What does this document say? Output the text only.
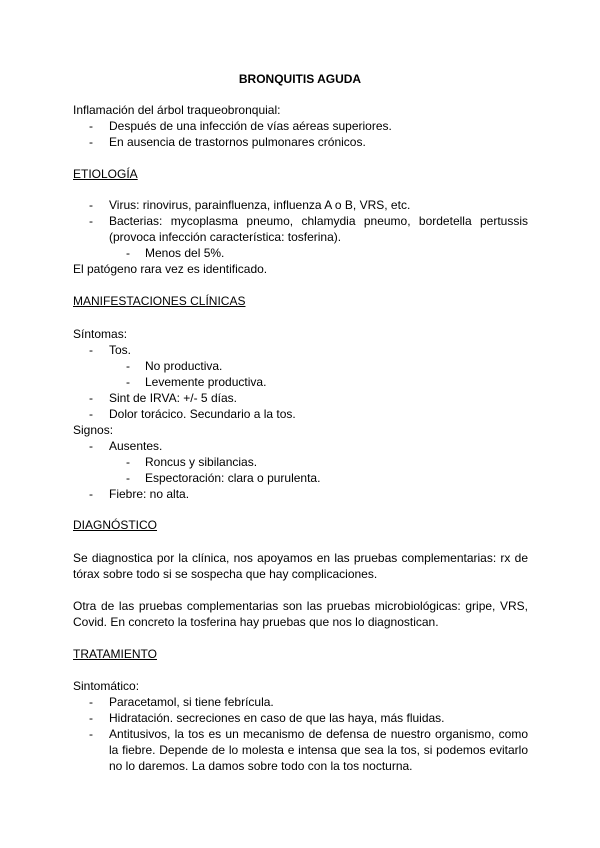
BRONQUITIS AGUDA
Inflamación del árbol traqueobronquial:
- Después de una infección de vías aéreas superiores.
- En ausencia de trastornos pulmonares crónicos.
ETIOLOGÍA
- Virus: rinovirus, parainfluenza, influenza A o B, VRS, etc.
- Bacterias: mycoplasma pneumo, chlamydia pneumo, bordetella pertussis
(provoca infección característica: tosferina).
- Menos del 5%.
El patógeno rara vez es identificado.
MANIFESTACIONES CLÍNICAS
Síntomas:
- Tos.
- No productiva.
- Levemente productiva.
- Sint de IRVA: +/- 5 días.
- Dolor torácico. Secundario a la tos.
Signos:
- Ausentes.
- Roncus y sibilancias.
- Espectoración: clara o purulenta.
- Fiebre: no alta.
DIAGNÓSTICO
Se diagnostica por la clínica, nos apoyamos en las pruebas complementarias: rx de
tórax sobre todo si se sospecha que hay complicaciones.
Otra de las pruebas complementarias son las pruebas microbiológicas: gripe, VRS,
Covid. En concreto la tosferina hay pruebas que nos lo diagnostican.
TRATAMIENTO
Sintomático:
- Paracetamol, si tiene febrícula.
- Hidratación. secreciones en caso de que las haya, más fluidas.
- Antitusivos, la tos es un mecanismo de defensa de nuestro organismo, como
la fiebre. Depende de lo molesta e intensa que sea la tos, si podemos evitarlo
no lo daremos. La damos sobre todo con la tos nocturna.
